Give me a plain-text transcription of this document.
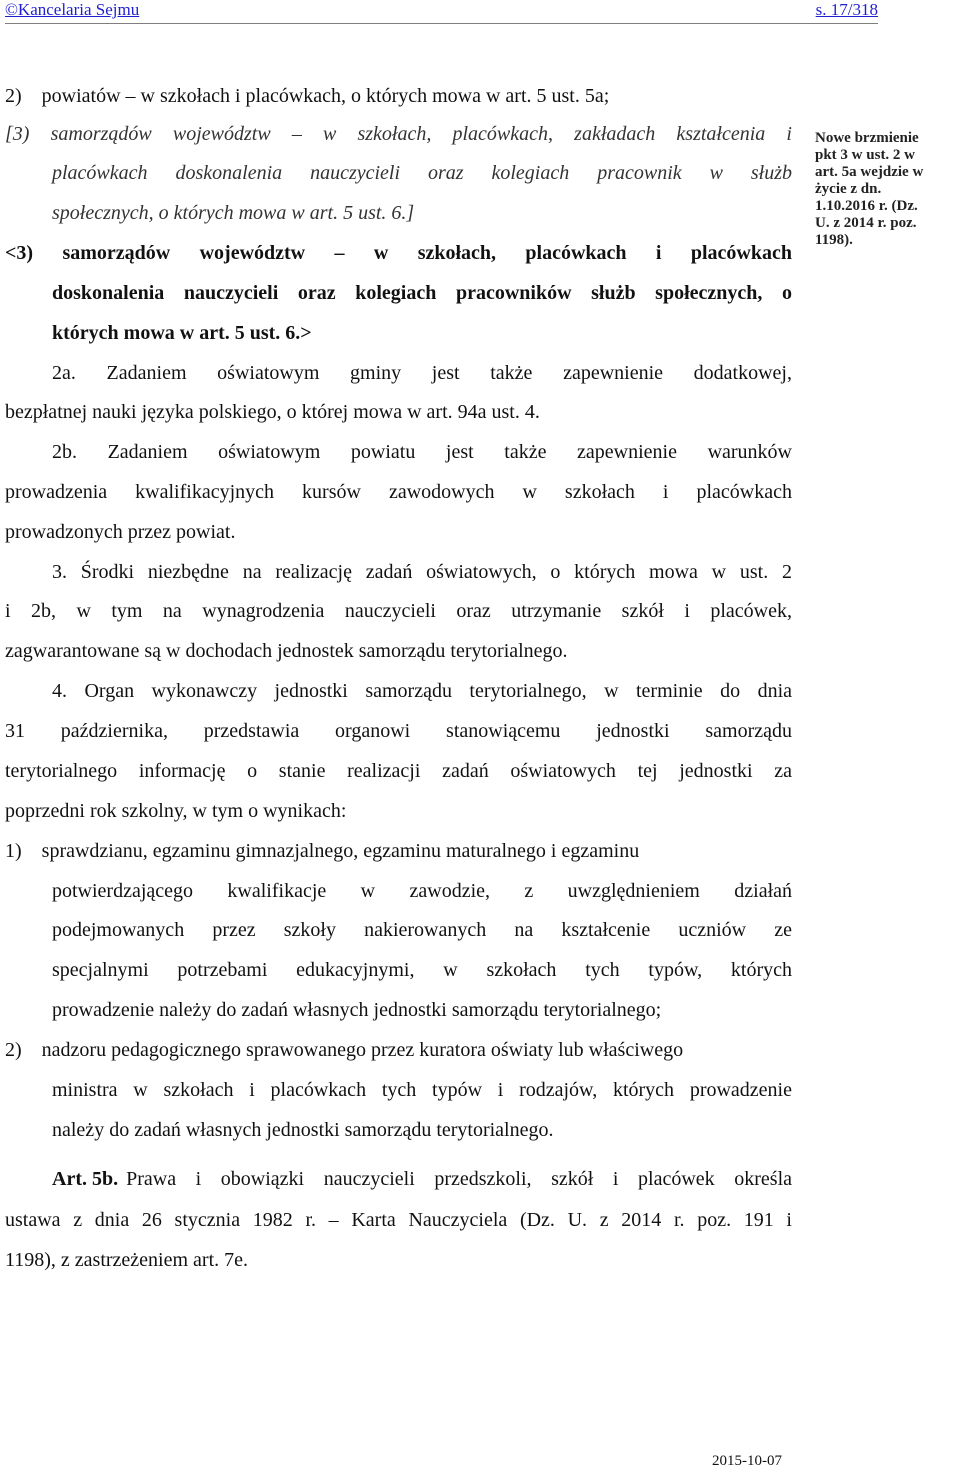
©Kancelaria Sejmu	s. 17/318
2)    powiatów – w szkołach i placówkach, o których mowa w art. 5 ust. 5a;
[3) samorządów województw – w szkołach, placówkach, zakładach kształcenia i
placówkach doskonalenia nauczycieli oraz kolegiach pracownik w służb
społecznych, o których mowa w art. 5 ust. 6.]
<3) samorządów województw – w szkołach, placówkach i placówkach
doskonalenia nauczycieli oraz kolegiach pracowników służb społecznych, o
których mowa w art. 5 ust. 6.>
2a. Zadaniem oświatowym gminy jest także zapewnienie dodatkowej,
bezpłatnej nauki języka polskiego, o której mowa w art. 94a ust. 4.
2b. Zadaniem oświatowym powiatu jest także zapewnienie warunków
prowadzenia kwalifikacyjnych kursów zawodowych w szkołach i placówkach
prowadzonych przez powiat.
3. Środki niezbędne na realizację zadań oświatowych, o których mowa w ust. 2
i 2b, w tym na wynagrodzenia nauczycieli oraz utrzymanie szkół i placówek,
zagwarantowane są w dochodach jednostek samorządu terytorialnego.
4. Organ wykonawczy jednostki samorządu terytorialnego, w terminie do dnia
31 października, przedstawia organowi stanowiącemu jednostki samorządu
terytorialnego informację o stanie realizacji zadań oświatowych tej jednostki za
poprzedni rok szkolny, w tym o wynikach:
1)    sprawdzianu, egzaminu gimnazjalnego, egzaminu maturalnego i egzaminu
potwierdzającego kwalifikacje w zawodzie, z uwzględnieniem działań
podejmowanych przez szkoły nakierowanych na kształcenie uczniów ze
specjalnymi potrzebami edukacyjnymi, w szkołach tych typów, których
prowadzenie należy do zadań własnych jednostki samorządu terytorialnego;
2)    nadzoru pedagogicznego sprawowanego przez kuratora oświaty lub właściwego
ministra w szkołach i placówkach tych typów i rodzajów, których prowadzenie
należy do zadań własnych jednostki samorządu terytorialnego.
Art. 5b. Prawa i obowiązki nauczycieli przedszkoli, szkół i placówek określa
ustawa z dnia 26 stycznia 1982 r. – Karta Nauczyciela (Dz. U. z 2014 r. poz. 191 i
1198), z zastrzeżeniem art. 7e.
Nowe brzmienie
pkt 3 w ust. 2 w
art. 5a wejdzie w
życie z dn.
1.10.2016 r. (Dz.
U. z 2014 r. poz.
1198).
2015-10-07
